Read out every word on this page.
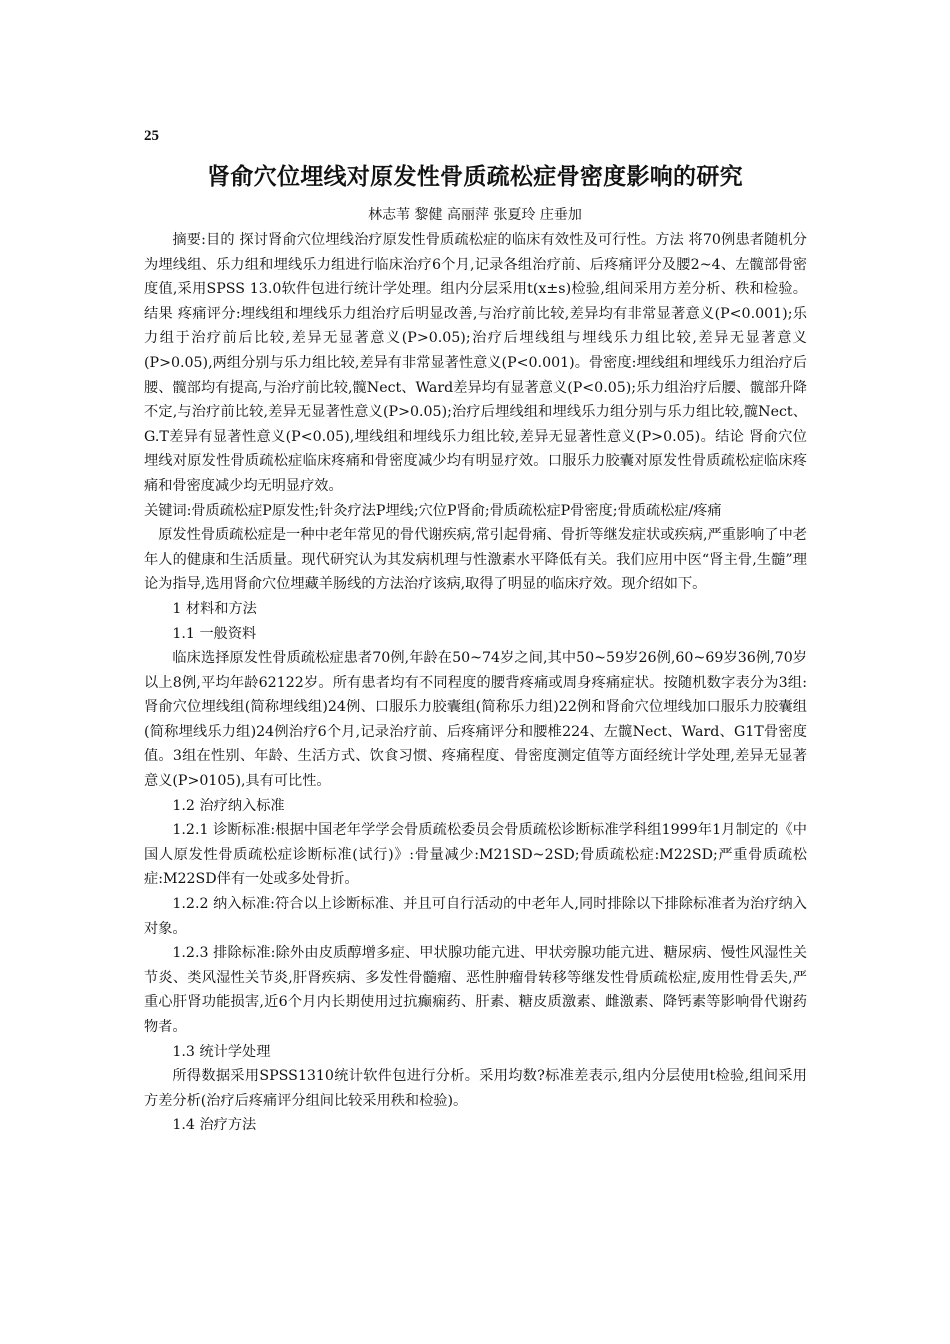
25
肾俞穴位埋线对原发性骨质疏松症骨密度影响的研究
林志苇 黎健 高丽萍 张夏玲 庄垂加

摘要:目的 探讨肾俞穴位埋线治疗原发性骨质疏松症的临床有效性及可行性。方法 将70例患者随机分为埋线组、乐力组和埋线乐力组进行临床治疗6个月,记录各组治疗前、后疼痛评分及腰2~4、左髋部骨密度值,采用SPSS 13.0软件包进行统计学处理。组内分层采用t(x±s)检验,组间采用方差分析、秩和检验。结果 疼痛评分:埋线组和埋线乐力组治疗后明显改善,与治疗前比较,差异均有非常显著意义(P<0.001);乐力组于治疗前后比较,差异无显著意义(P>0.05);治疗后埋线组与埋线乐力组比较,差异无显著意义(P>0.05),两组分别与乐力组比较,差异有非常显著性意义(P<0.001)。骨密度:埋线组和埋线乐力组治疗后腰、髋部均有提高,与治疗前比较,髋Nect、Ward差异均有显著意义(P<0.05);乐力组治疗后腰、髋部升降不定,与治疗前比较,差异无显著性意义(P>0.05);治疗后埋线组和埋线乐力组分别与乐力组比较,髋Nect、G.T差异有显著性意义(P<0.05),埋线组和埋线乐力组比较,差异无显著性意义(P>0.05)。结论 肾俞穴位埋线对原发性骨质疏松症临床疼痛和骨密度减少均有明显疗效。口服乐力胶囊对原发性骨质疏松症临床疼痛和骨密度减少均无明显疗效。

关键词:骨质疏松症P原发性;针灸疗法P埋线;穴位P肾俞;骨质疏松症P骨密度;骨质疏松症/疼痛

原发性骨质疏松症是一种中老年常见的骨代谢疾病,常引起骨痛、骨折等继发症状或疾病,严重影响了中老年人的健康和生活质量。现代研究认为其发病机理与性激素水平降低有关。我们应用中医“肾主骨,生髓”理论为指导,选用肾俞穴位埋藏羊肠线的方法治疗该病,取得了明显的临床疗效。现介绍如下。

1 材料和方法

1.1 一般资料

临床选择原发性骨质疏松症患者70例,年龄在50~74岁之间,其中50~59岁26例,60~69岁36例,70岁以上8例,平均年龄62122岁。所有患者均有不同程度的腰背疼痛或周身疼痛症状。按随机数字表分为3组:肾俞穴位埋线组(简称埋线组)24例、口服乐力胶囊组(简称乐力组)22例和肾俞穴位埋线加口服乐力胶囊组(简称埋线乐力组)24例治疗6个月,记录治疗前、后疼痛评分和腰椎224、左髋Nect、Ward、G1T骨密度值。3组在性别、年龄、生活方式、饮食习惯、疼痛程度、骨密度测定值等方面经统计学处理,差异无显著意义(P>0105),具有可比性。

1.2 治疗纳入标准

1.2.1 诊断标准:根据中国老年学学会骨质疏松委员会骨质疏松诊断标准学科组1999年1月制定的《中国人原发性骨质疏松症诊断标准(试行)》:骨量减少:M21SD~2SD;骨质疏松症:M22SD;严重骨质疏松症:M22SD伴有一处或多处骨折。

1.2.2 纳入标准:符合以上诊断标准、并且可自行活动的中老年人,同时排除以下排除标准者为治疗纳入对象。

1.2.3 排除标准:除外由皮质醇增多症、甲状腺功能亢进、甲状旁腺功能亢进、糖尿病、慢性风湿性关节炎、类风湿性关节炎,肝肾疾病、多发性骨髓瘤、恶性肿瘤骨转移等继发性骨质疏松症,废用性骨丢失,严重心肝肾功能损害,近6个月内长期使用过抗癫痫药、肝素、糖皮质激素、雌激素、降钙素等影响骨代谢药物者。

1.3 统计学处理

所得数据采用SPSS1310统计软件包进行分析。采用均数?标准差表示,组内分层使用t检验,组间采用方差分析(治疗后疼痛评分组间比较采用秩和检验)。

1.4 治疗方法
